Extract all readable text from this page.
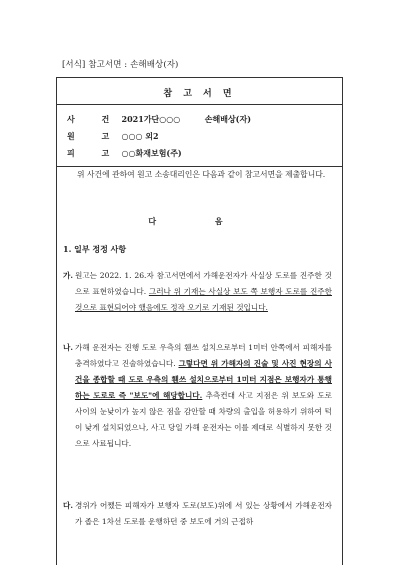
[서식] 참고서면 : 손해배상(자)
참 고 서 면
사 건 2021가단○○○	손해배상(자)
원 고 ○○○ 외2
피 고 ○○화재보험(주)
위 사건에 관하여 원고 소송대리인은 다음과 같이 참고서면을 제출합니다.
다 음
1. 일부 정정 사항
가. 원고는 2022. 1. 26.자 참고서면에서 가해운전자가 사실상 도로를 진주한 것으로 표현하였습니다. 그러나 위 기재는 사실상 보도 쪽 보행자 도로를 진주한 것으로 표현되어야 했음에도 정작 오기로 기재된 것입니다.
나. 가해 운전자는 진행 도로 우측의 휀쓰 설치으로부터 1미터 안쪽에서 피해자를 충격하였다고 진술하였습니다. 그렇다면 위 가해자의 진술 및 사진 현장의 사건을 종합할 때 도로 우측의 휀쓰 설치으로부터 1미터 지점은 보행자가 통행하는 도로로 즉 "보도"에 해당합니다. 추측컨대 사고 지점은 위 보도와 도로 사이의 눈낮이가 높지 않은 점을 감안할 때 차량의 출입을 허용하기 위하여 턱이 낮게 설치되었으나, 사고 당일 가해 운전자는 이를 제대로 식별하지 못한 것으로 사료됩니다.
다. 경위가 어쨌든 피해자가 보행자 도로(보도)위에 서 있는 상황에서 가해운전자가 좁은 1차선 도로를 운행하던 중 보도에 거의 근접하
